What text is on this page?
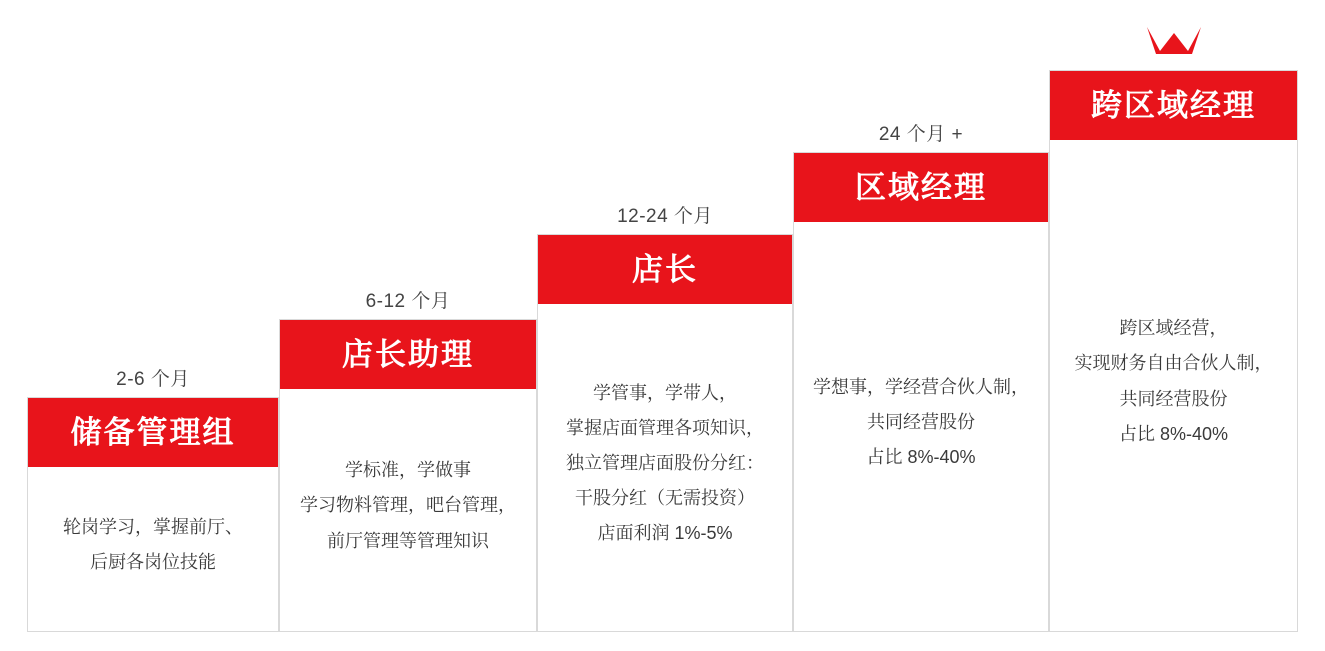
2-6 个月
6-12 个月
12-24 个月
24 个月 +
储备管理组

轮岗学习，掌握前厅、

后厨各岗位技能

店长助理

学标准，学做事

学习物料管理，吧台管理，

前厅管理等管理知识

店长

学管事，学带人，

掌握店面管理各项知识，

独立管理店面股份分红：

干股分红（无需投资）

店面利润 1%-5%

区域经理

学想事，学经营合伙人制，

共同经营股份

占比 8%-40%

跨区域经理

跨区域经营，

实现财务自由合伙人制，

共同经营股份

占比 8%-40%
